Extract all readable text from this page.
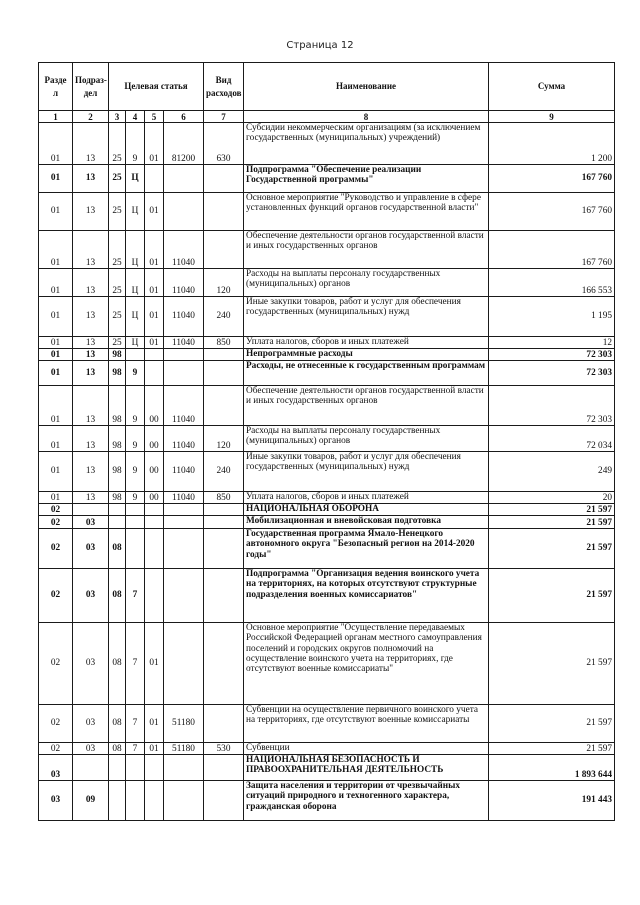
Страница 12
Разде л	Подраз- дел	Целевая статья				Вид расходов	Наименование	Сумма
1	2	3	4	5	6	7	8	9
01	13	25	9	01	81200	630	Субсидии некоммерческим организациям (за исключением государственных (муниципальных) учреждений)	1 200
01	13	25	Ц				Подпрограмма "Обеспечение реализации Государственной программы"	167 760
01	13	25	Ц	01			Основное мероприятие "Руководство и управление в сфере установленных функций органов государственной власти"	167 760
01	13	25	Ц	01	11040		Обеспечение деятельности органов государственной власти и иных государственных органов	167 760
01	13	25	Ц	01	11040	120	Расходы на выплаты персоналу государственных (муниципальных) органов	166 553
01	13	25	Ц	01	11040	240	Иные закупки товаров, работ и услуг для обеспечения государственных (муниципальных) нужд	1 195
01	13	25	Ц	01	11040	850	Уплата налогов, сборов и иных платежей	12
01	13	98					Непрограммные расходы	72 303
01	13	98	9				Расходы, не отнесенные к государственным программам	72 303
01	13	98	9	00	11040		Обеспечение деятельности органов государственной власти и иных государственных органов	72 303
01	13	98	9	00	11040	120	Расходы на выплаты персоналу государственных (муниципальных) органов	72 034
01	13	98	9	00	11040	240	Иные закупки товаров, работ и услуг для обеспечения государственных (муниципальных) нужд	249
01	13	98	9	00	11040	850	Уплата налогов, сборов и иных платежей	20
02							НАЦИОНАЛЬНАЯ ОБОРОНА	21 597
02	03						Мобилизационная и вневойсковая подготовка	21 597
02	03	08					Государственная программа Ямало-Ненецкого автономного округа "Безопасный регион на 2014-2020 годы"	21 597
02	03	08	7				Подпрограмма "Организация ведения воинского учета на территориях, на которых отсутствуют структурные подразделения военных комиссариатов"	21 597
02	03	08	7	01			Основное мероприятие "Осуществление передаваемых Российской Федерацией органам местного самоуправления поселений и городских округов полномочий на осуществление воинского учета на территориях, где отсутствуют военные комиссариаты"	21 597
02	03	08	7	01	51180		Субвенции на осуществление первичного воинского учета на территориях, где отсутствуют военные комиссариаты	21 597
02	03	08	7	01	51180	530	Субвенции	21 597
03							НАЦИОНАЛЬНАЯ БЕЗОПАСНОСТЬ И ПРАВООХРАНИТЕЛЬНАЯ ДЕЯТЕЛЬНОСТЬ	1 893 644
03	09						Защита населения и территории от чрезвычайных ситуаций природного и техногенного характера, гражданская оборона	191 443
